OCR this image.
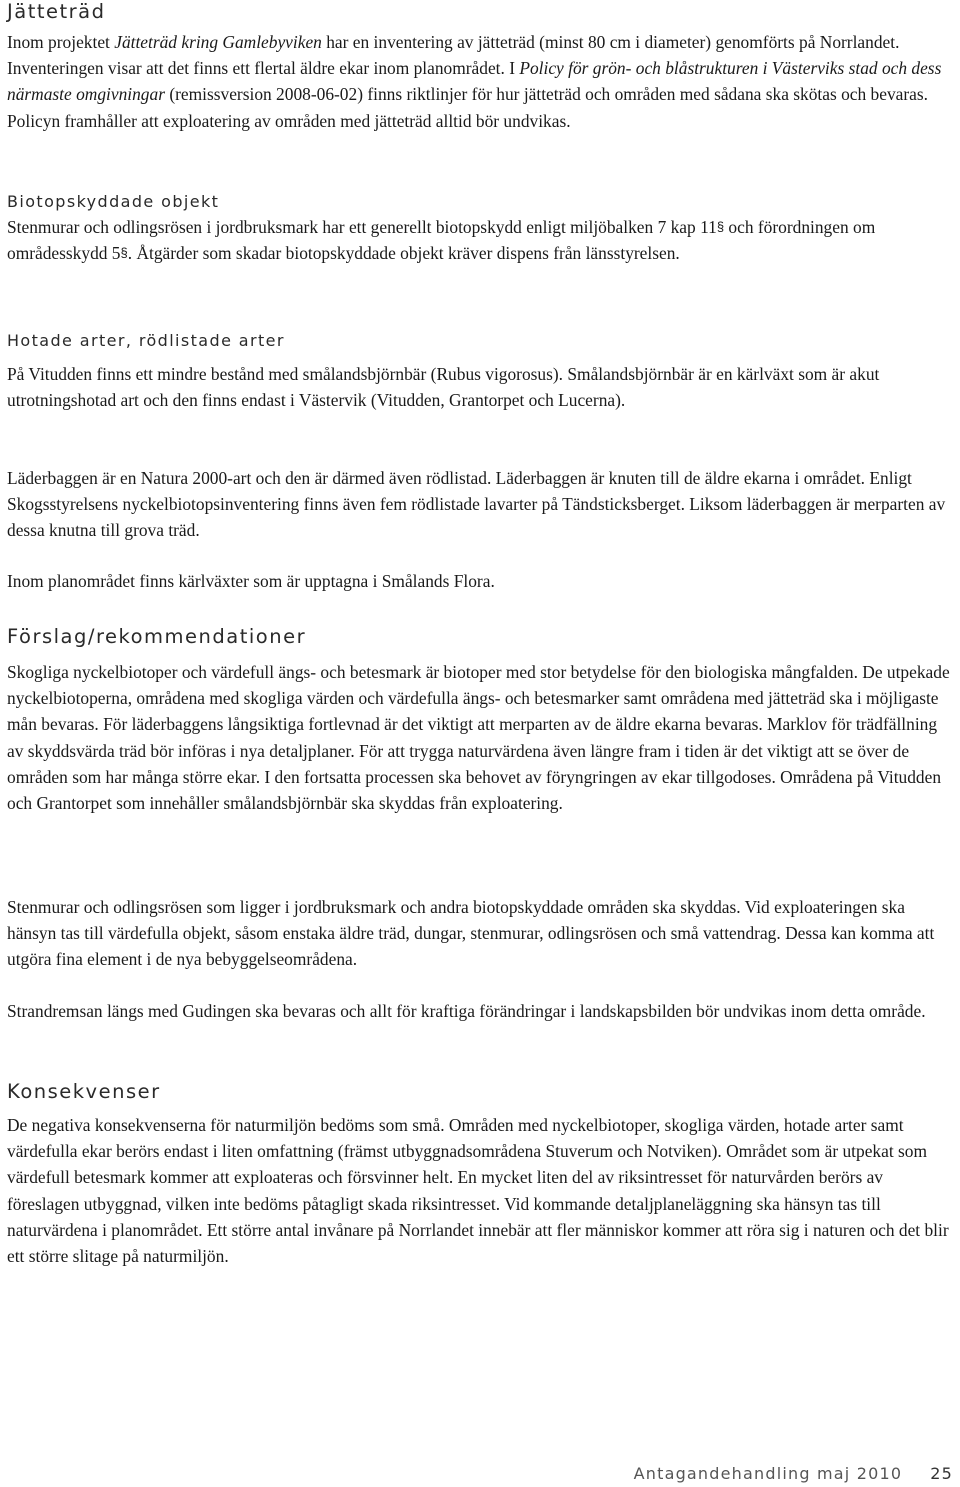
Jätteträd

Inom projektet Jätteträd kring Gamlebyviken har en inventering av jätteträd (minst 80 cm i diameter) genomförts på Norrlandet. Inventeringen visar att det finns ett flertal äldre ekar inom planområdet. I Policy för grön- och blåstrukturen i Västerviks stad och dess närmaste omgivningar (remissversion 2008-06-02) finns riktlinjer för hur jätteträd och områden med sådana ska skötas och bevaras. Policyn framhåller att exploatering av områden med jätteträd alltid bör undvikas.

Biotopskyddade objekt

Stenmurar och odlingsrösen i jordbruksmark har ett generellt biotopskydd enligt miljöbalken 7 kap 11§ och förordningen om områdesskydd 5§. Åtgärder som skadar biotopskyddade objekt kräver dispens från länsstyrelsen.

Hotade arter, rödlistade arter

På Vitudden finns ett mindre bestånd med smålandsbjörnbär (Rubus vigorosus). Smålandsbjörnbär är en kärlväxt som är akut utrotningshotad art och den finns endast i Västervik (Vitudden, Grantorpet och Lucerna).

Läderbaggen är en Natura 2000-art och den är därmed även rödlistad. Läderbaggen är knuten till de äldre ekarna i området. Enligt Skogsstyrelsens nyckelbiotopsinventering finns även fem rödlistade lavarter på Tändsticksberget. Liksom läderbaggen är merparten av dessa knutna till grova träd.

Inom planområdet finns kärlväxter som är upptagna i Smålands Flora.

Förslag/rekommendationer

Skogliga nyckelbiotoper och värdefull ängs- och betesmark är biotoper med stor betydelse för den biologiska mångfalden. De utpekade nyckelbiotoperna, områdena med skogliga värden och värdefulla ängs- och betesmarker samt områdena med jätteträd ska i möjligaste mån bevaras. För läderbaggens långsiktiga fortlevnad är det viktigt att merparten av de äldre ekarna bevaras. Marklov för trädfällning av skyddsvärda träd bör införas i nya detaljplaner. För att trygga naturvärdena även längre fram i tiden är det viktigt att se över de områden som har många större ekar. I den fortsatta processen ska behovet av föryngringen av ekar tillgodoses. Områdena på Vitudden och Grantorpet som innehåller smålandsbjörnbär ska skyddas från exploatering.

Stenmurar och odlingsrösen som ligger i jordbruksmark och andra biotopskyddade områden ska skyddas. Vid exploateringen ska hänsyn tas till värdefulla objekt, såsom enstaka äldre träd, dungar, stenmurar, odlingsrösen och små vattendrag. Dessa kan komma att utgöra fina element i de nya bebyggelseområdena.

Strandremsan längs med Gudingen ska bevaras och allt för kraftiga förändringar i landskapsbilden bör undvikas inom detta område.

Konsekvenser

De negativa konsekvenserna för naturmiljön bedöms som små. Områden med nyckelbiotoper, skogliga värden, hotade arter samt värdefulla ekar berörs endast i liten omfattning (främst utbyggnadsområdena Stuverum och Notviken). Området som är utpekat som värdefull betesmark kommer att exploateras och försvinner helt. En mycket liten del av riksintresset för naturvården berörs av föreslagen utbyggnad, vilken inte bedöms påtagligt skada riksintresset. Vid kommande detaljplaneläggning ska hänsyn tas till naturvärdena i planområdet. Ett större antal invånare på Norrlandet innebär att fler människor kommer att röra sig i naturen och det blir ett större slitage på naturmiljön.

Antagandehandling maj 2010 25
